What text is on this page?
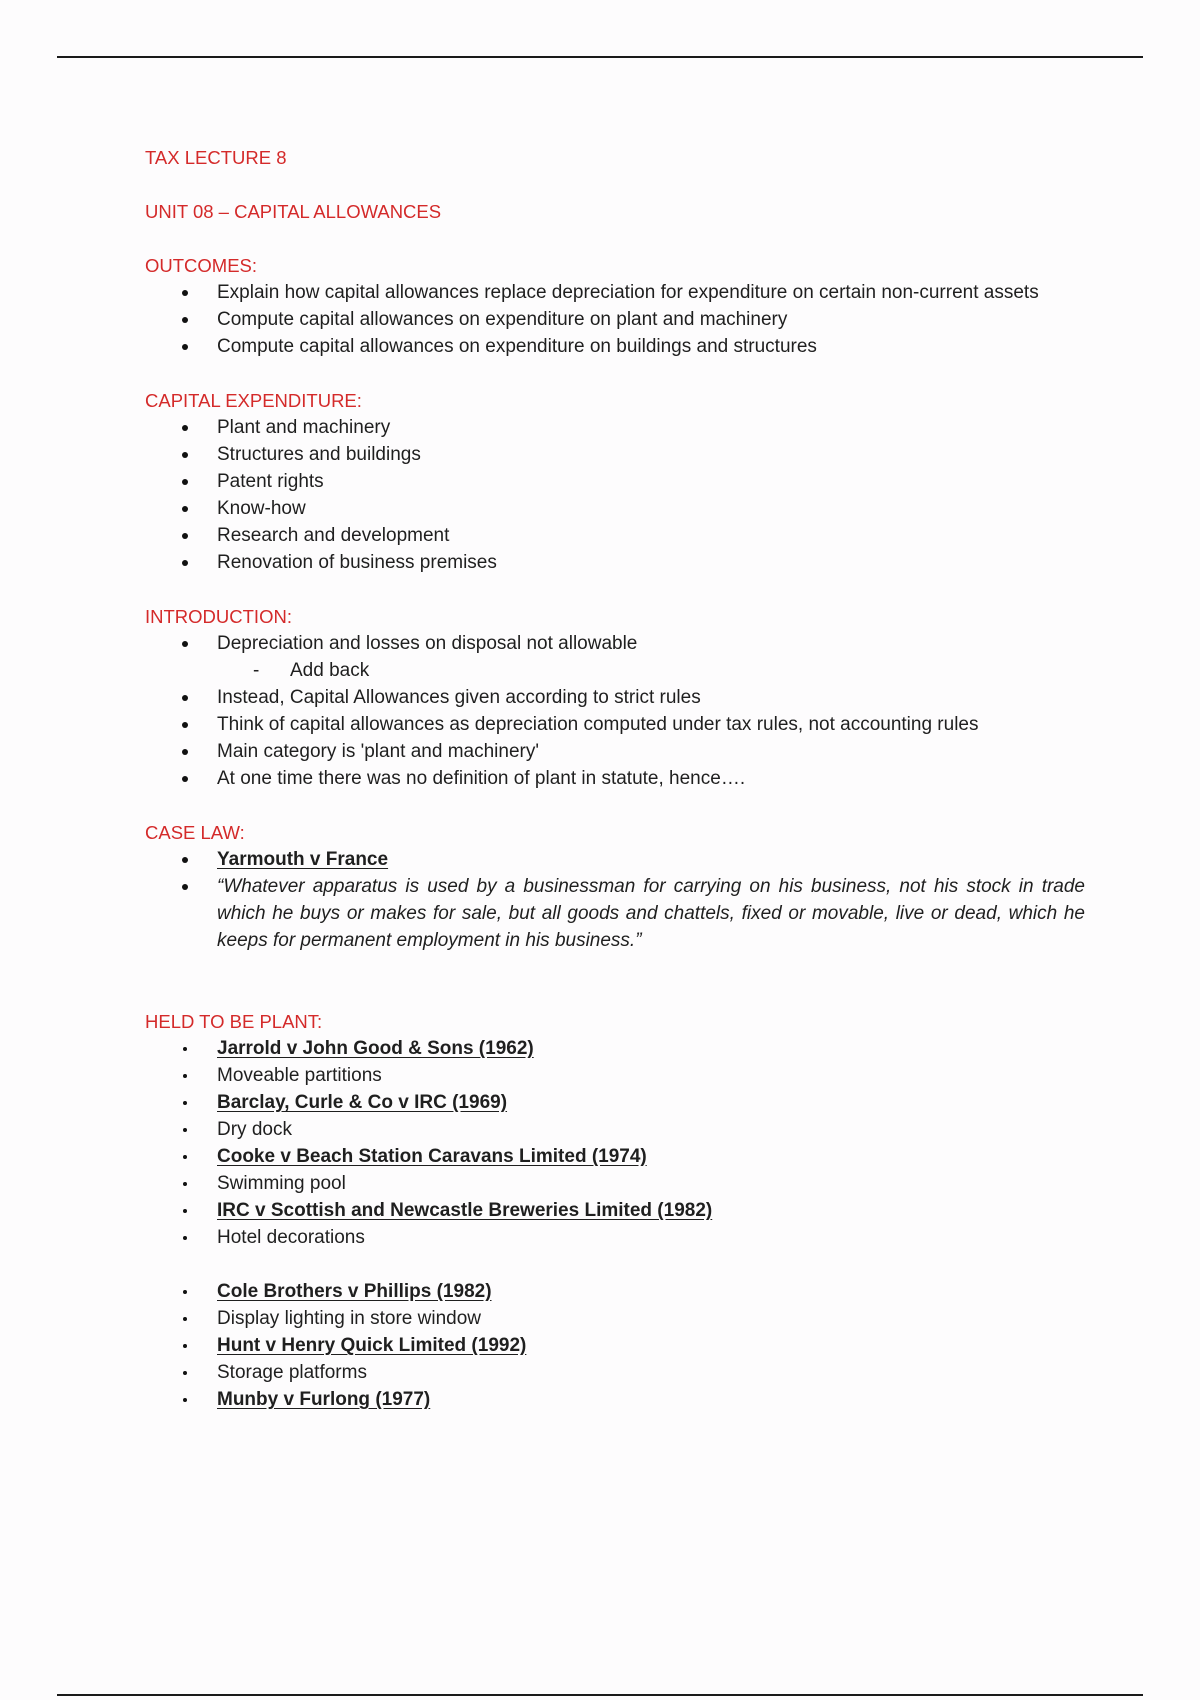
TAX LECTURE 8

UNIT 08 – CAPITAL ALLOWANCES

OUTCOMES:

Explain how capital allowances replace depreciation for expenditure on certain non-current assets
Compute capital allowances on expenditure on plant and machinery
Compute capital allowances on expenditure on buildings and structures

CAPITAL EXPENDITURE:

Plant and machinery
Structures and buildings
Patent rights
Know-how
Research and development
Renovation of business premises

INTRODUCTION:

Depreciation and losses on disposal not allowable
- Add back
Instead, Capital Allowances given according to strict rules
Think of capital allowances as depreciation computed under tax rules, not accounting rules
Main category is 'plant and machinery'
At one time there was no definition of plant in statute, hence….

CASE LAW:

Yarmouth v France
“Whatever apparatus is used by a businessman for carrying on his business, not his stock in trade which he buys or makes for sale, but all goods and chattels, fixed or movable, live or dead, which he keeps for permanent employment in his business.”

HELD TO BE PLANT:

Jarrold v John Good & Sons (1962)
Moveable partitions
Barclay, Curle & Co v IRC (1969)
Dry dock
Cooke v Beach Station Caravans Limited (1974)
Swimming pool
IRC v Scottish and Newcastle Breweries Limited (1982)
Hotel decorations
Cole Brothers v Phillips (1982)
Display lighting in store window
Hunt v Henry Quick Limited (1992)
Storage platforms
Munby v Furlong (1977)
